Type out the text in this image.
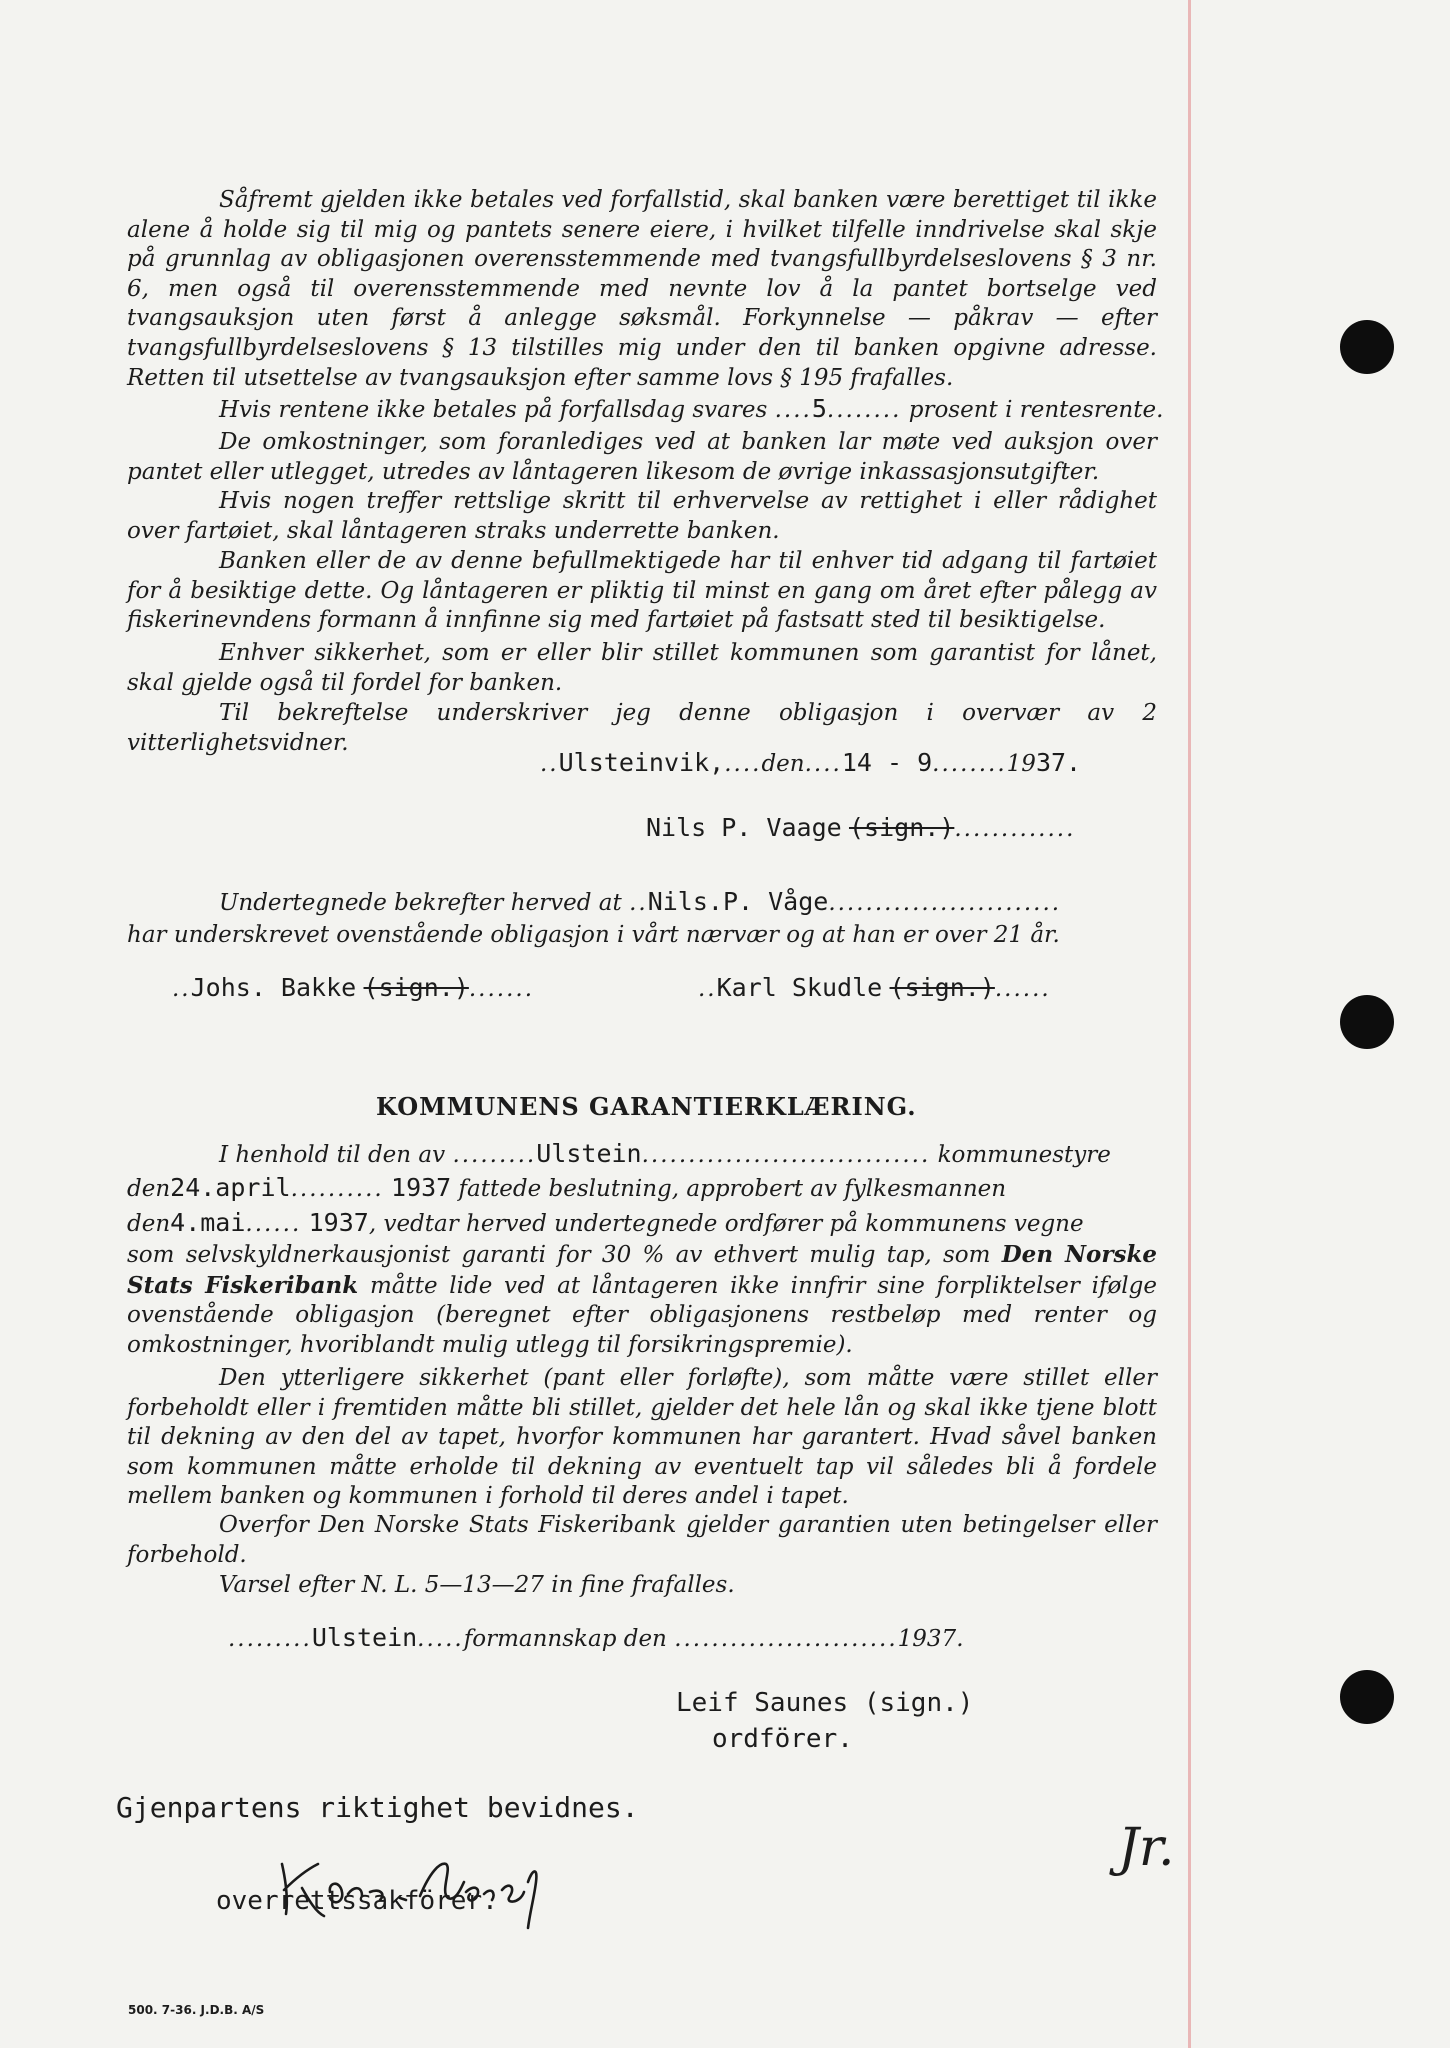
Såfremt gjelden ikke betales ved forfallstid, skal banken være berettiget til ikke alene å holde sig til mig og pantets senere eiere, i hvilket tilfelle inndrivelse skal skje på grunnlag av obligasjonen overensstemmende med tvangsfullbyrdelseslovens § 3 nr. 6, men også til overensstemmende med nevnte lov å la pantet bortselge ved tvangsauksjon uten først å anlegge søksmål. Forkynnelse — påkrav — efter tvangsfullbyrdelseslovens § 13 tilstilles mig under den til banken opgivne adresse. Retten til utsettelse av tvangsauksjon efter samme lovs § 195 frafalles.
Hvis rentene ikke betales på forfallsdag svares ....5........ prosent i rentesrente.
De omkostninger, som foranlediges ved at banken lar møte ved auksjon over pantet eller utlegget, utredes av låntageren likesom de øvrige inkassasjonsutgifter.
Hvis nogen treffer rettslige skritt til erhvervelse av rettighet i eller rådighet over fartøiet, skal låntageren straks underrette banken.
Banken eller de av denne befullmektigede har til enhver tid adgang til fartøiet for å besiktige dette. Og låntageren er pliktig til minst en gang om året efter pålegg av fiskerinevndens formann å innfinne sig med fartøiet på fastsatt sted til besiktigelse.
Enhver sikkerhet, som er eller blir stillet kommunen som garantist for lånet, skal gjelde også til fordel for banken.
Til bekreftelse underskriver jeg denne obligasjon i overvær av 2 vitterlighetsvidner.
..Ulsteinvik,....den....14 - 9........1937.
Nils P. Vaage (sign.).............
Undertegnede bekrefter herved at ..Nils.P. Våge.........................
har underskrevet ovenstående obligasjon i vårt nærvær og at han er over 21 år.
..Johs. Bakke (sign.).......	..Karl Skudle (sign.)......
KOMMUNENS GARANTIERKLÆRING.
I henhold til den av .........Ulstein............................... kommunestyre
den24.april.......... 1937 fattede beslutning, approbert av fylkesmannen
den4.mai...... 1937, vedtar herved undertegnede ordfører på kommunens vegne
som selvskyldnerkausjonist garanti for 30 % av ethvert mulig tap, som Den Norske Stats Fiskeribank måtte lide ved at låntageren ikke innfrir sine forpliktelser ifølge ovenstående obligasjon (beregnet efter obligasjonens restbeløp med renter og omkostninger, hvoriblandt mulig utlegg til forsikringspremie).
Den ytterligere sikkerhet (pant eller forløfte), som måtte være stillet eller forbeholdt eller i fremtiden måtte bli stillet, gjelder det hele lån og skal ikke tjene blott til dekning av den del av tapet, hvorfor kommunen har garantert. Hvad såvel banken som kommunen måtte erholde til dekning av eventuelt tap vil således bli å fordele mellem banken og kommunen i forhold til deres andel i tapet.
Overfor Den Norske Stats Fiskeribank gjelder garantien uten betingelser eller forbehold.
Varsel efter N. L. 5—13—27 in fine frafalles.
.........Ulstein.....formannskap den ........................1937.
Leif Saunes (sign.)
ordförer.
Gjenpartens riktighet bevidnes.
overrettssakförer.
Jr.
500. 7-36. J.D.B. A/S
